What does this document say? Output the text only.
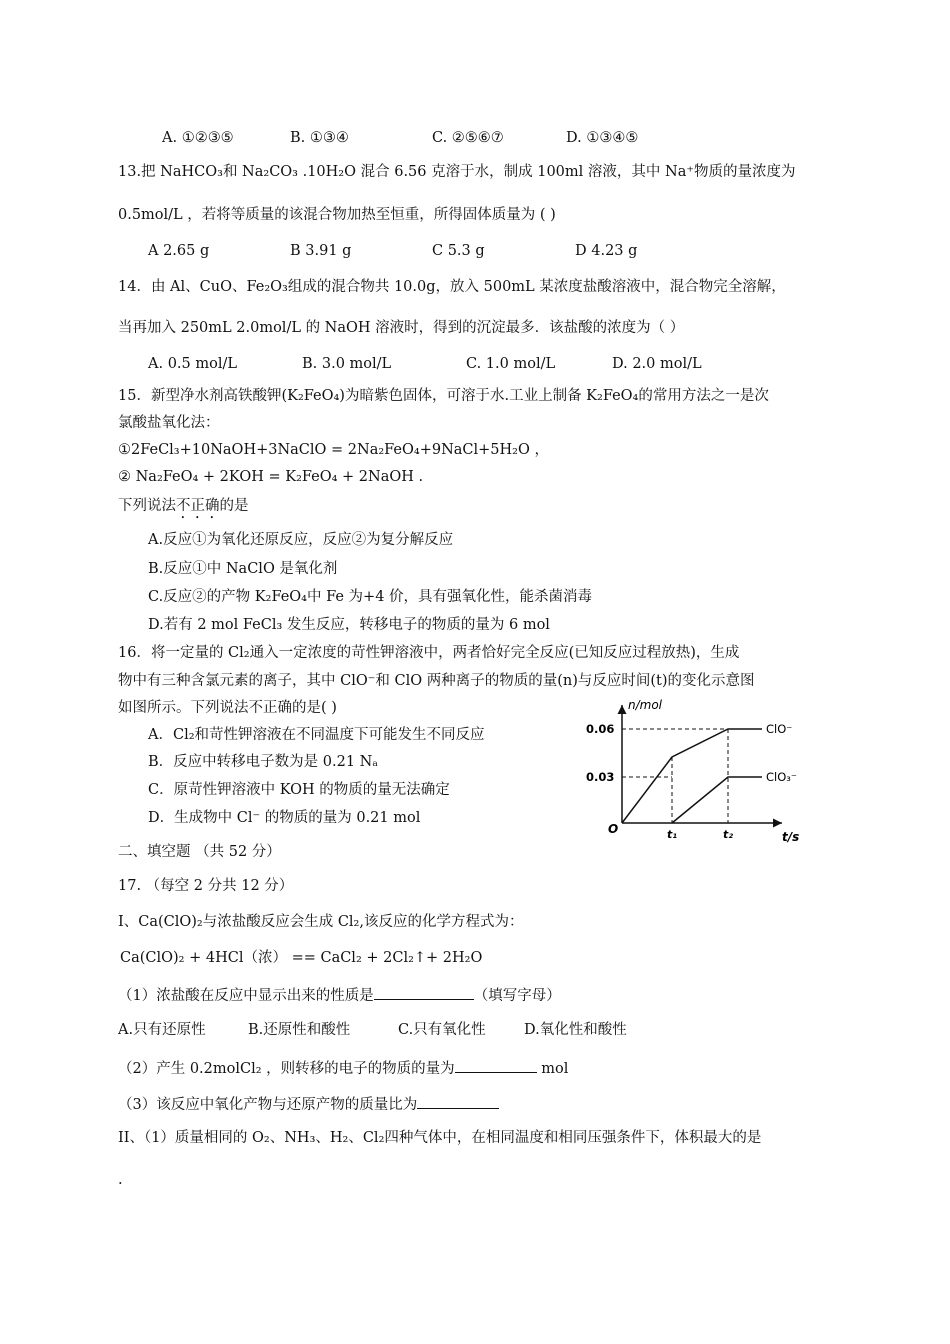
A. ①②③⑤	B. ①③④	C. ②⑤⑥⑦	D. ①③④⑤
13.把 NaHCO₃和 Na₂CO₃ .10H₂O 混合 6.56 克溶于水，制成 100ml 溶液，其中 Na⁺物质的量浓度为
0.5mol/L ，若将等质量的该混合物加热至恒重，所得固体质量为 ( )
A 2.65 g	B 3.91 g	C 5.3 g	D 4.23 g
14．由 Al、CuO、Fe₂O₃组成的混合物共 10.0g，放入 500mL 某浓度盐酸溶液中，混合物完全溶解，
当再加入 250mL 2.0mol/L 的 NaOH 溶液时，得到的沉淀最多．该盐酸的浓度为（ ）
A. 0.5 mol/L	B. 3.0 mol/L	C. 1.0 mol/L	D. 2.0 mol/L
15．新型净水剂高铁酸钾(K₂FeO₄)为暗紫色固体，可溶于水.工业上制备 K₂FeO₄的常用方法之一是次
氯酸盐氧化法：
①2FeCl₃+10NaOH+3NaClO = 2Na₂FeO₄+9NaCl+5H₂O ，
② Na₂FeO₄ + 2KOH = K₂FeO₄ + 2NaOH .
下列说法不正确的是
A.反应①为氧化还原反应，反应②为复分解反应
B.反应①中 NaClO 是氧化剂
C.反应②的产物 K₂FeO₄中 Fe 为+4 价，具有强氧化性，能杀菌消毒
D.若有 2 mol FeCl₃ 发生反应，转移电子的物质的量为 6 mol
16．将一定量的 Cl₂通入一定浓度的苛性钾溶液中，两者恰好完全反应(已知反应过程放热)，生成
物中有三种含氯元素的离子，其中 ClO⁻和 ClO 两种离子的物质的量(n)与反应时间(t)的变化示意图
如图所示。下列说法不正确的是( )
A．Cl₂和苛性钾溶液在不同温度下可能发生不同反应
B．反应中转移电子数为是 0.21 Nₐ
C．原苛性钾溶液中 KOH 的物质的量无法确定
D．生成物中 Cl⁻ 的物质的量为 0.21 mol
n/mol
t/s
O
0.06
0.03
t₁	t₂
ClO⁻
ClO₃⁻
二、填空题 （共 52 分）
17. （每空 2 分共 12 分）
I、Ca(ClO)₂与浓盐酸反应会生成 Cl₂,该反应的化学方程式为：
Ca(ClO)₂ + 4HCl（浓） == CaCl₂ + 2Cl₂↑+ 2H₂O
（1）浓盐酸在反应中显示出来的性质是	（填写字母）
A.只有还原性	B.还原性和酸性	C.只有氧化性	D.氧化性和酸性
（2）产生 0.2molCl₂ ，则转移的电子的物质的量为	mol
（3）该反应中氧化产物与还原产物的质量比为
II、（1）质量相同的 O₂、NH₃、H₂、Cl₂四种气体中，在相同温度和相同压强条件下，体积最大的是
.
